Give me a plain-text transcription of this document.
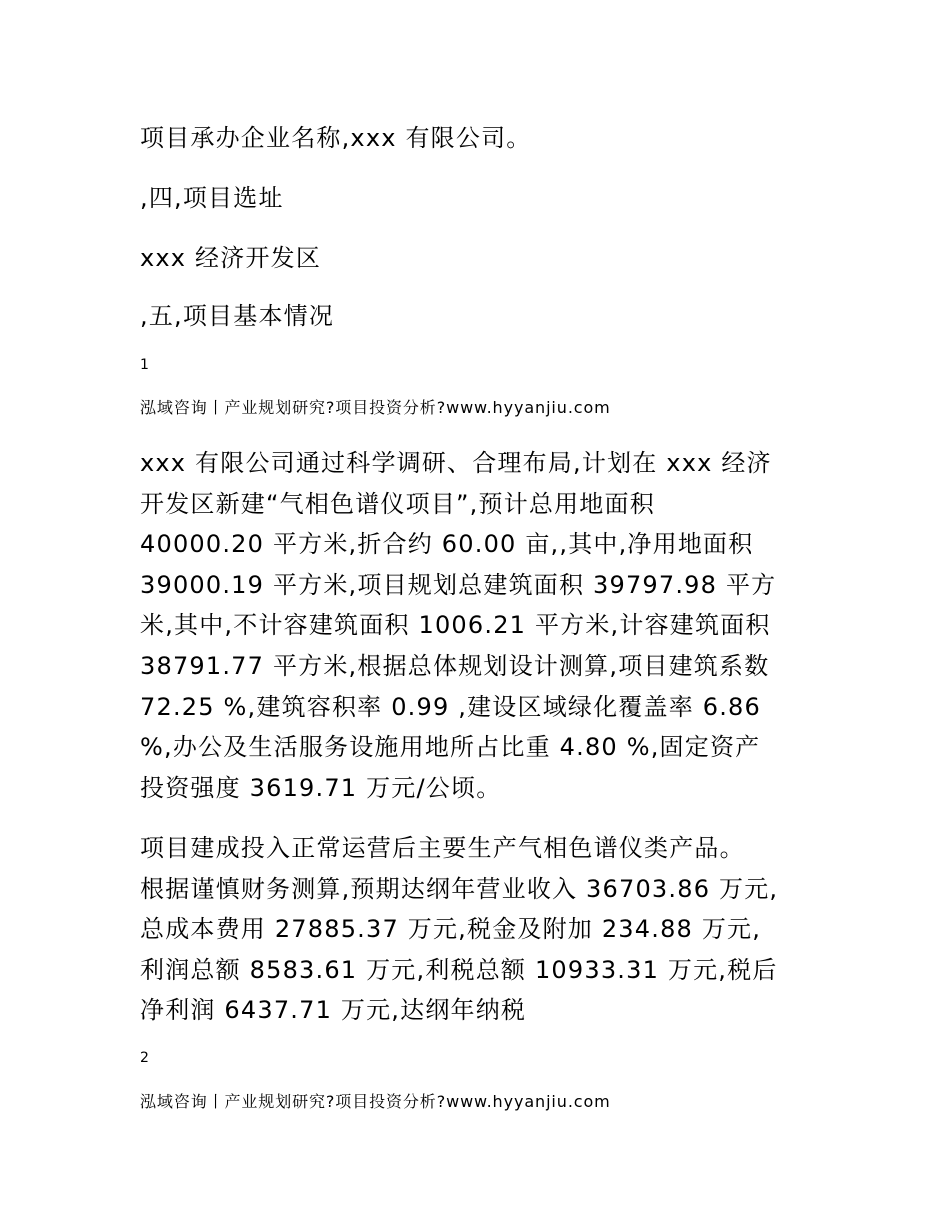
项目承办企业名称,xxx 有限公司。
,四,项目选址
xxx 经济开发区
,五,项目基本情况
1
泓域咨询丨产业规划研究?项目投资分析?www.hyyanjiu.com
xxx 有限公司通过科学调研、合理布局,计划在 xxx 经济
开发区新建“气相色谱仪项目”,预计总用地面积
40000.20 平方米,折合约 60.00 亩,,其中,净用地面积
39000.19 平方米,项目规划总建筑面积 39797.98 平方
米,其中,不计容建筑面积 1006.21 平方米,计容建筑面积
38791.77 平方米,根据总体规划设计测算,项目建筑系数
72.25 %,建筑容积率 0.99 ,建设区域绿化覆盖率 6.86
%,办公及生活服务设施用地所占比重 4.80 %,固定资产
投资强度 3619.71 万元/公顷。
项目建成投入正常运营后主要生产气相色谱仪类产品。
根据谨慎财务测算,预期达纲年营业收入 36703.86 万元,
总成本费用 27885.37 万元,税金及附加 234.88 万元,
利润总额 8583.61 万元,利税总额 10933.31 万元,税后
净利润 6437.71 万元,达纲年纳税
2
泓域咨询丨产业规划研究?项目投资分析?www.hyyanjiu.com
